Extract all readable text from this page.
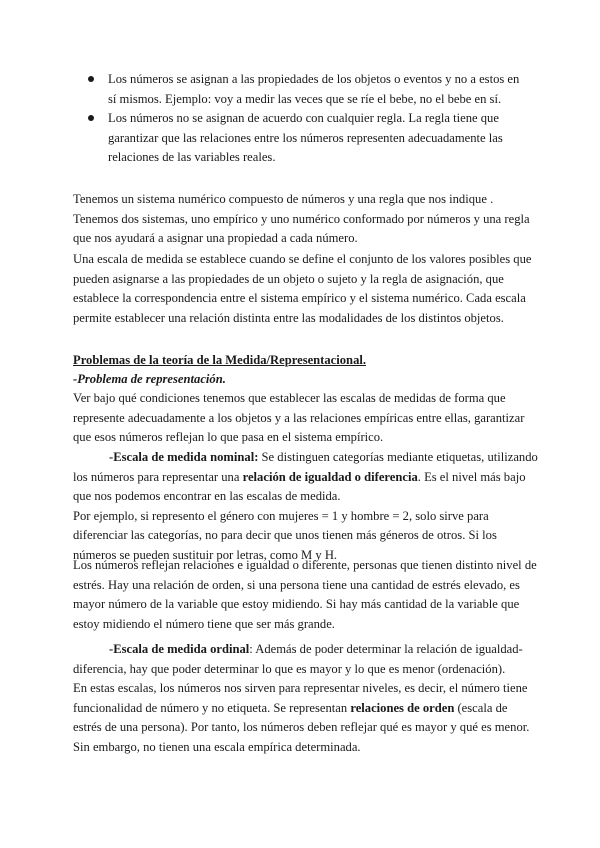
Los números se asignan a las propiedades de los objetos o eventos y no a estos en sí mismos. Ejemplo: voy a medir las veces que se ríe el bebe, no el bebe en sí.
Los números no se asignan de acuerdo con cualquier regla. La regla tiene que garantizar que las relaciones entre los números representen adecuadamente las relaciones de las variables reales.

Tenemos un sistema numérico compuesto de números y una regla que nos indique . Tenemos dos sistemas, uno empírico y uno numérico conformado por números y una regla que nos ayudará a asignar una propiedad a cada número.

Una escala de medida se establece cuando se define el conjunto de los valores posibles que pueden asignarse a las propiedades de un objeto o sujeto y la regla de asignación, que establece la correspondencia entre el sistema empírico y el sistema numérico. Cada escala permite establecer una relación distinta entre las modalidades de los distintos objetos.

Problemas de la teoría de la Medida/Representacional.

-Problema de representación.

Ver bajo qué condiciones tenemos que establecer las escalas de medidas de forma que represente adecuadamente a los objetos y a las relaciones empíricas entre ellas, garantizar que esos números reflejan lo que pasa en el sistema empírico.

-Escala de medida nominal: Se distinguen categorías mediante etiquetas, utilizando los números para representar una relación de igualdad o diferencia. Es el nivel más bajo que nos podemos encontrar en las escalas de medida.
Por ejemplo, si represento el género con mujeres = 1 y hombre = 2, solo sirve para diferenciar las categorías, no para decir que unos tienen más géneros de otros. Si los números se pueden sustituir por letras, como M y H.

Los números reflejan relaciones e igualdad o diferente, personas que tienen distinto nivel de estrés. Hay una relación de orden, si una persona tiene una cantidad de estrés elevado, es mayor número de la variable que estoy midiendo. Si hay más cantidad de la variable que estoy midiendo el número tiene que ser más grande.

-Escala de medida ordinal: Además de poder determinar la relación de igualdad-diferencia, hay que poder determinar lo que es mayor y lo que es menor (ordenación).
En estas escalas, los números nos sirven para representar niveles, es decir, el número tiene funcionalidad de número y no etiqueta. Se representan relaciones de orden (escala de estrés de una persona). Por tanto, los números deben reflejar qué es mayor y qué es menor. Sin embargo, no tienen una escala empírica determinada.
